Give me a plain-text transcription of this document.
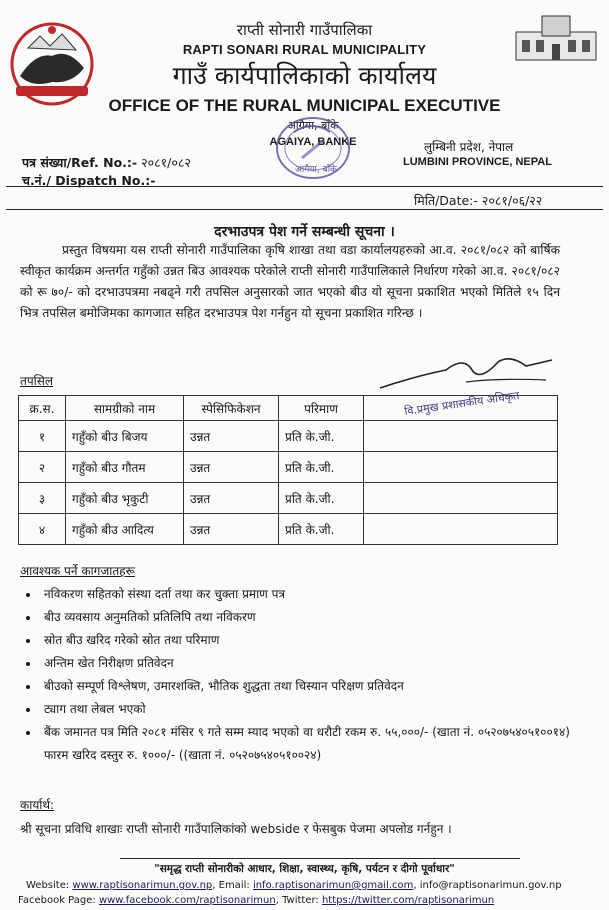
राप्ती सोनारी गाउँपालिका
RAPTI SONARI RURAL MUNICIPALITY
गाउँ कार्यपालिकाको कार्यालय
OFFICE OF THE RURAL MUNICIPAL EXECUTIVE
आगैया, बाँके
AGAIYA, BANKE
आगैया, बाँके
लुम्बिनी प्रदेश, नेपाल
LUMBINI PROVINCE, NEPAL
पत्र संख्या/Ref. No.:- २०८१/०८२
च.नं./ Dispatch No.:-
मिति/Date:- २०८१/०६/२२
दरभाउपत्र पेश गर्ने सम्बन्धी सूचना ।
प्रस्तुत विषयमा यस राप्ती सोनारी गाउँपालिका कृषि शाखा तथा वडा कार्यालयहरुको आ.व. २०८१/०८२ को बार्षिक स्वीकृत कार्यक्रम अन्तर्गत गहुँको उन्नत बिउ आवश्यक परेकोले राप्ती सोनारी गाउँपालिकाले निर्धारण गरेको आ.व. २०८१/०८२ को रू ७०/- को दरभाउपत्रमा नबढ्ने गरी तपसिल अनुसारको जात भएको बीउ यो सूचना प्रकाशित भएको मितिले १५ दिन भित्र तपसिल बमोजिमका कागजात सहित दरभाउपत्र पेश गर्नहुन यो सूचना प्रकाशित गरिन्छ ।
तपसिल
वि.प्रमुख प्रशासकीय अधिकृत
क्र.स.	सामग्रीको नाम	स्पेसिफिकेशन	परिमाण	
१	गहुँको बीउ बिजय	उन्नत	प्रति के.जी.	
२	गहुँको बीउ गौतम	उन्नत	प्रति के.जी.	
३	गहुँको बीउ भृकुटी	उन्नत	प्रति के.जी.	
४	गहुँको बीउ आदित्य	उन्नत	प्रति के.जी.	
आवश्यक पर्ने कागजातहरू
• नविकरण सहितको संस्था दर्ता तथा कर चुक्ता प्रमाण पत्र
• बीउ व्यवसाय अनुमतिको प्रतिलिपि तथा नविकरण
• स्रोत बीउ खरिद गरेको स्रोत तथा परिमाण
• अन्तिम खेत निरीक्षण प्रतिवेदन
• बीउको सम्पूर्ण विश्लेषण, उमारशक्ति, भौतिक शुद्धता तथा चिस्यान परिक्षण प्रतिवेदन
• ट्याग तथा लेबल भएको
• बैंक जमानत पत्र मिति २०८१ मंसिर ९ गते सम्म म्याद भएको वा धरौटी रकम रु. ५५,०००/- (खाता नं. ०५२०७५४०५१००१४) फारम खरिद दस्तुर रु. १०००/- ((खाता नं. ०५२०७५४०५१००२४)
कार्यार्थ:
श्री सूचना प्रविधि शाखाः राप्ती सोनारी गाउँपालिकांको webside र फेसबुक पेजमा अपलोड गर्नहुन ।
"समृद्ध राप्ती सोनारीको आधार, शिक्षा, स्वास्थ्य, कृषि, पर्यटन र दीगो पूर्वाधार"
Website: www.raptisonarimun.gov.np, Email: info.raptisonarimun@gmail.com, info@raptisonarimun.gov.np
Facebook Page: www.facebook.com/raptisonarimun, Twitter: https://twitter.com/raptisonarimun
